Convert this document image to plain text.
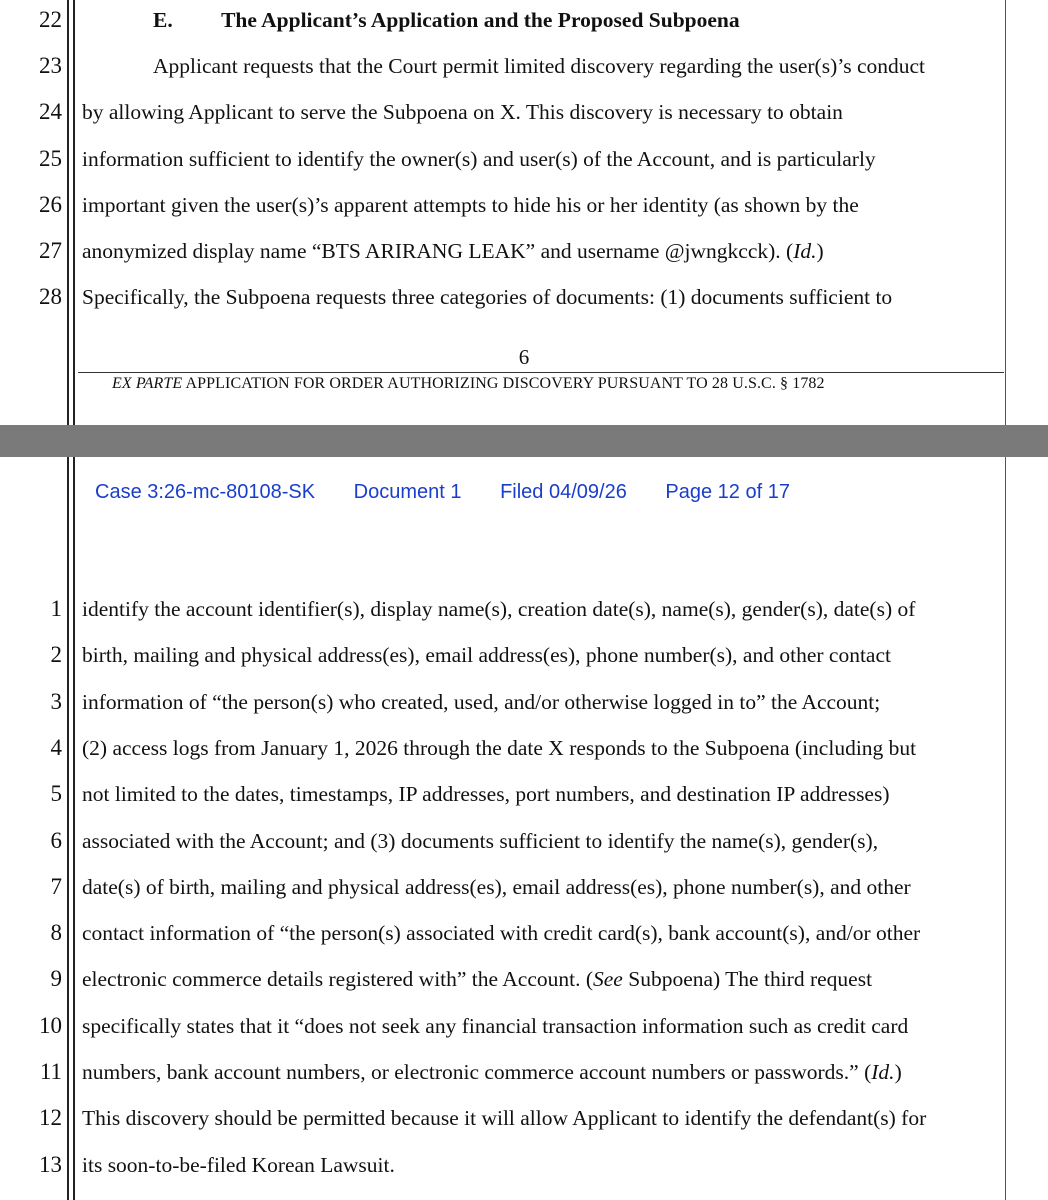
22	E.         The Applicant’s Application and the Proposed Subpoena
23	Applicant requests that the Court permit limited discovery regarding the user(s)’s conduct
24 by allowing Applicant to serve the Subpoena on X. This discovery is necessary to obtain
25 information sufficient to identify the owner(s) and user(s) of the Account, and is particularly
26 important given the user(s)’s apparent attempts to hide his or her identity (as shown by the
27 anonymized display name “BTS ARIRANG LEAK” and username @jwngkcck). (Id.)
28 Specifically, the Subpoena requests three categories of documents: (1) documents sufficient to
6
EX PARTE APPLICATION FOR ORDER AUTHORIZING DISCOVERY PURSUANT TO 28 U.S.C. § 1782
Case 3:26-mc-80108-SK Document 1 Filed 04/09/26 Page 12 of 17
1 identify the account identifier(s), display name(s), creation date(s), name(s), gender(s), date(s) of
2 birth, mailing and physical address(es), email address(es), phone number(s), and other contact
3 information of “the person(s) who created, used, and/or otherwise logged in to” the Account;
4 (2) access logs from January 1, 2026 through the date X responds to the Subpoena (including but
5 not limited to the dates, timestamps, IP addresses, port numbers, and destination IP addresses)
6 associated with the Account; and (3) documents sufficient to identify the name(s), gender(s),
7 date(s) of birth, mailing and physical address(es), email address(es), phone number(s), and other
8 contact information of “the person(s) associated with credit card(s), bank account(s), and/or other
9 electronic commerce details registered with” the Account. (See Subpoena) The third request
10 specifically states that it “does not seek any financial transaction information such as credit card
11 numbers, bank account numbers, or electronic commerce account numbers or passwords.” (Id.)
12 This discovery should be permitted because it will allow Applicant to identify the defendant(s) for
13 its soon-to-be-filed Korean Lawsuit.
